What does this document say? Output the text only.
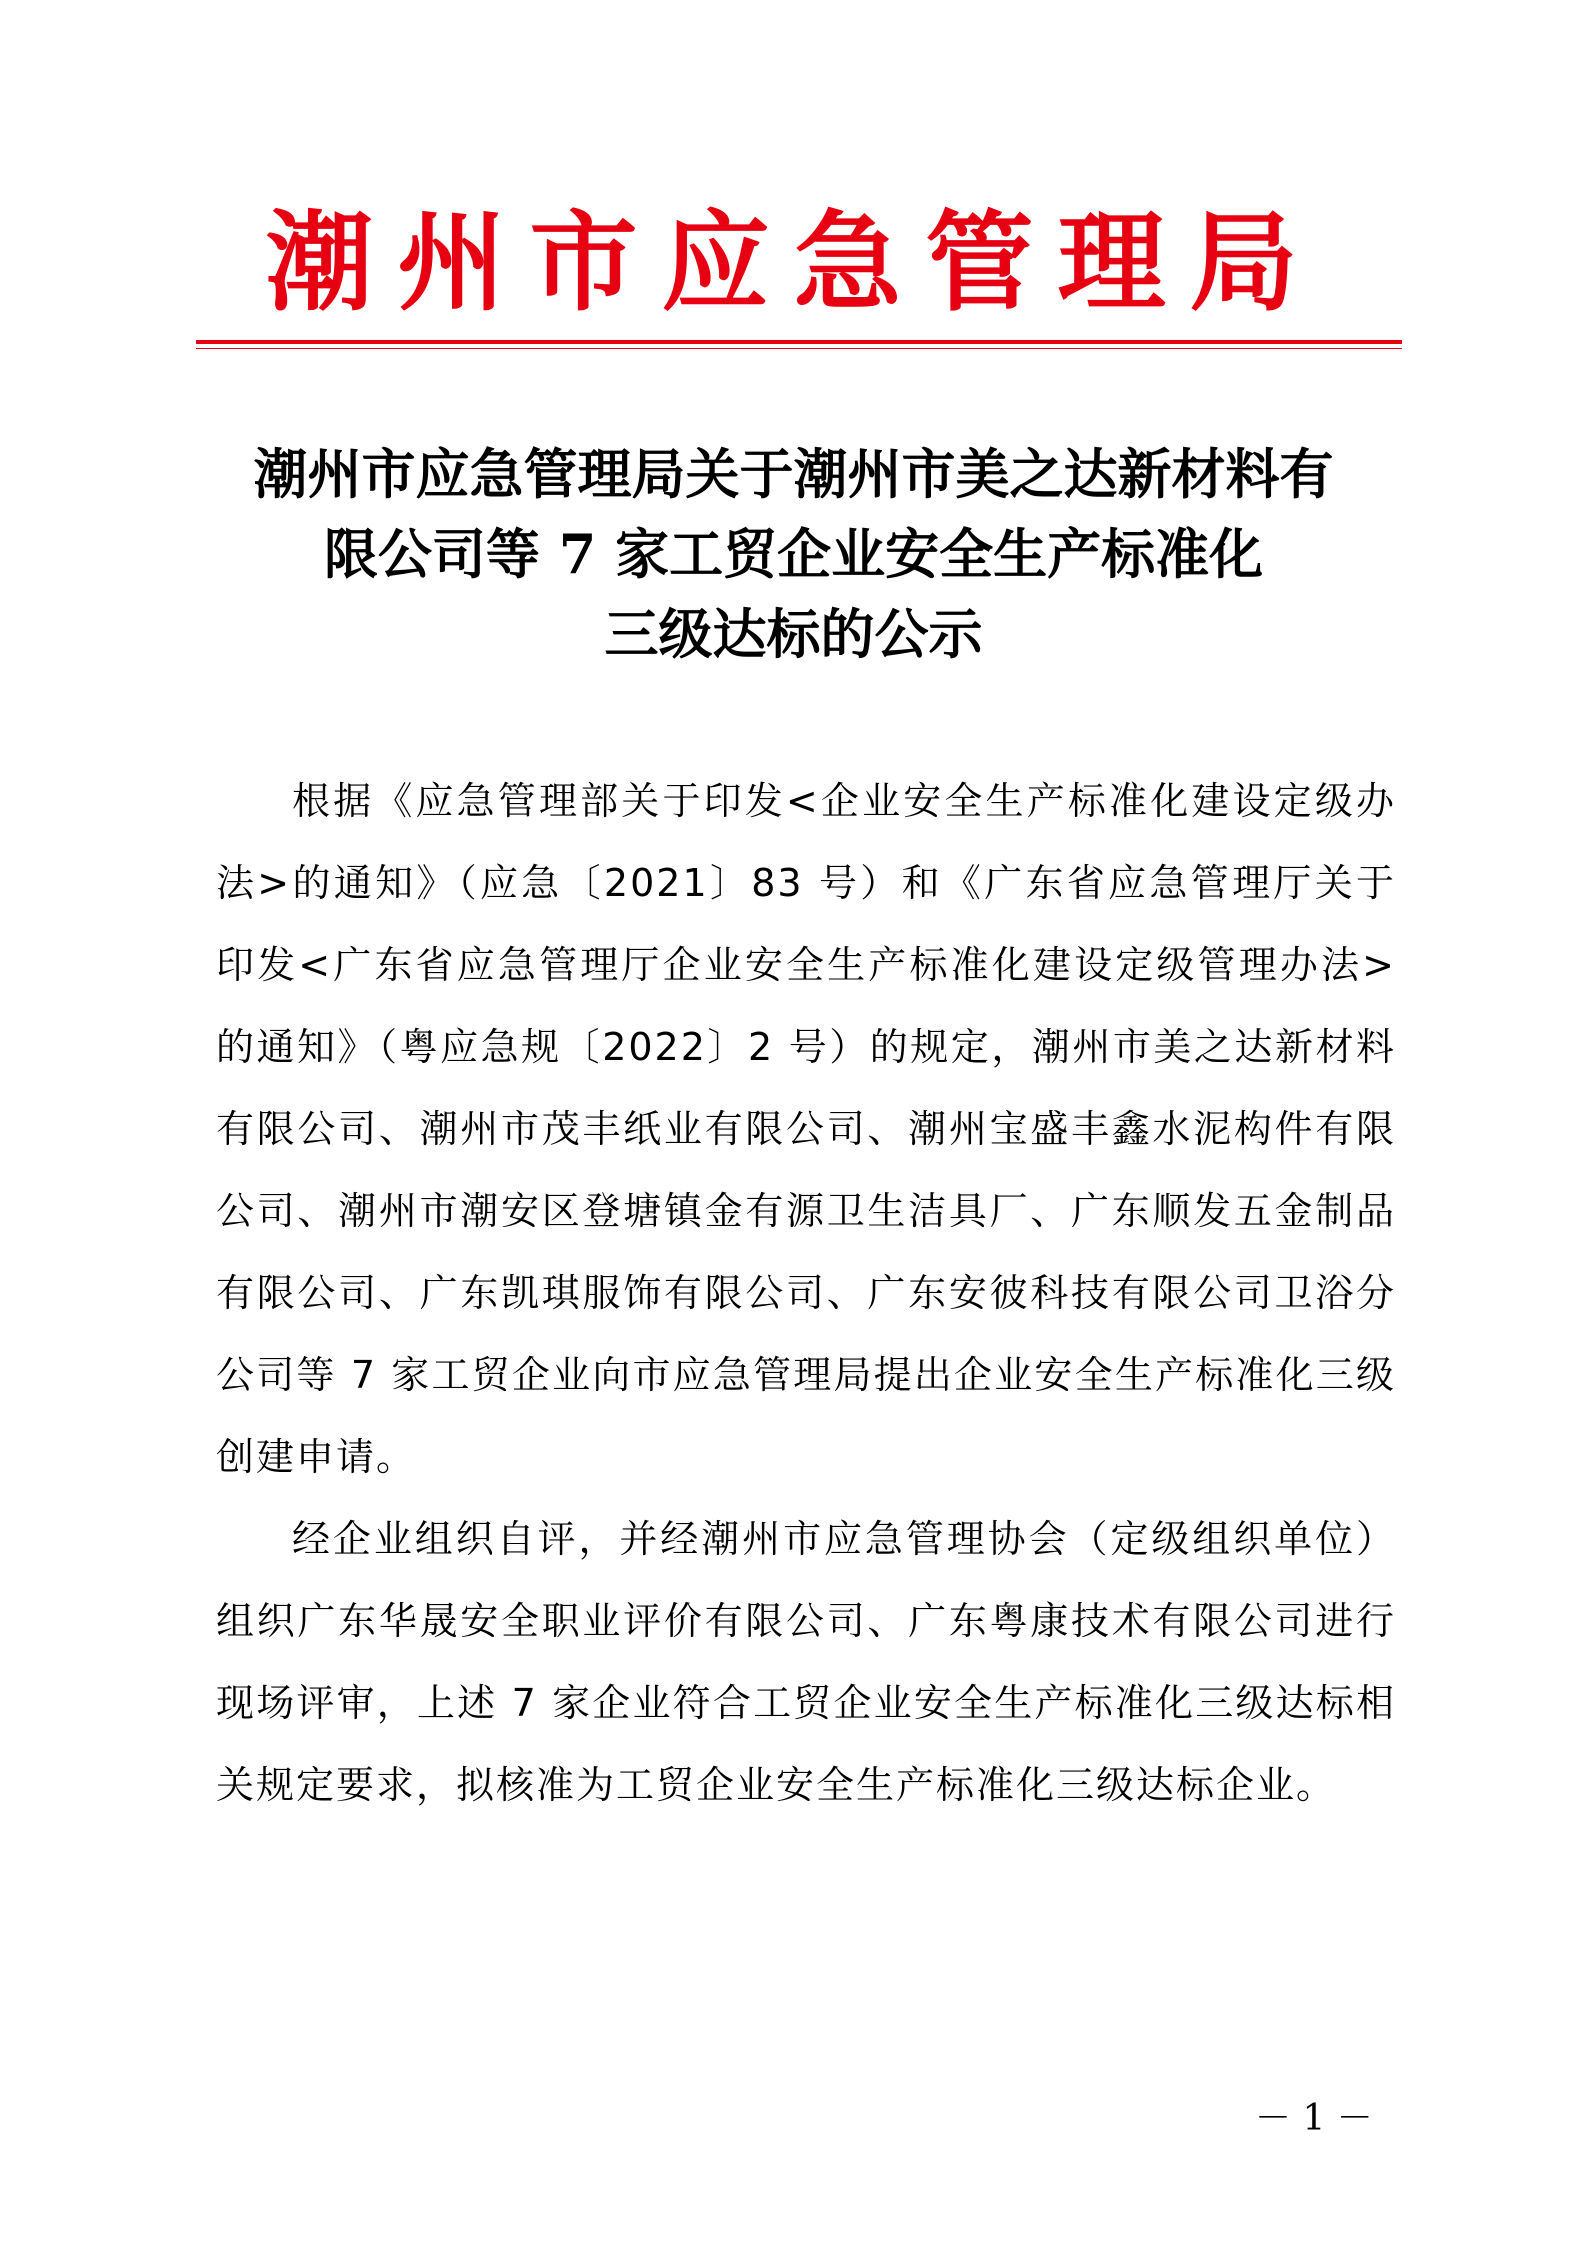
潮州市应急管理局
潮州市应急管理局关于潮州市美之达新材料有
限公司等 7 家工贸企业安全生产标准化
三级达标的公示

根据《应急管理部关于印发<企业安全生产标准化建设定级办法>的通知》（应急〔2021〕83 号）和《广东省应急管理厅关于印发<广东省应急管理厅企业安全生产标准化建设定级管理办法>的通知》（粤应急规〔2022〕2 号）的规定，潮州市美之达新材料有限公司、潮州市茂丰纸业有限公司、潮州宝盛丰鑫水泥构件有限公司、潮州市潮安区登塘镇金有源卫生洁具厂、广东顺发五金制品有限公司、广东凯琪服饰有限公司、广东安彼科技有限公司卫浴分公司等 7 家工贸企业向市应急管理局提出企业安全生产标准化三级创建申请。

经企业组织自评，并经潮州市应急管理协会（定级组织单位）组织广东华晟安全职业评价有限公司、广东粤康技术有限公司进行现场评审，上述 7 家企业符合工贸企业安全生产标准化三级达标相关规定要求，拟核准为工贸企业安全生产标准化三级达标企业。

－ 1 －
